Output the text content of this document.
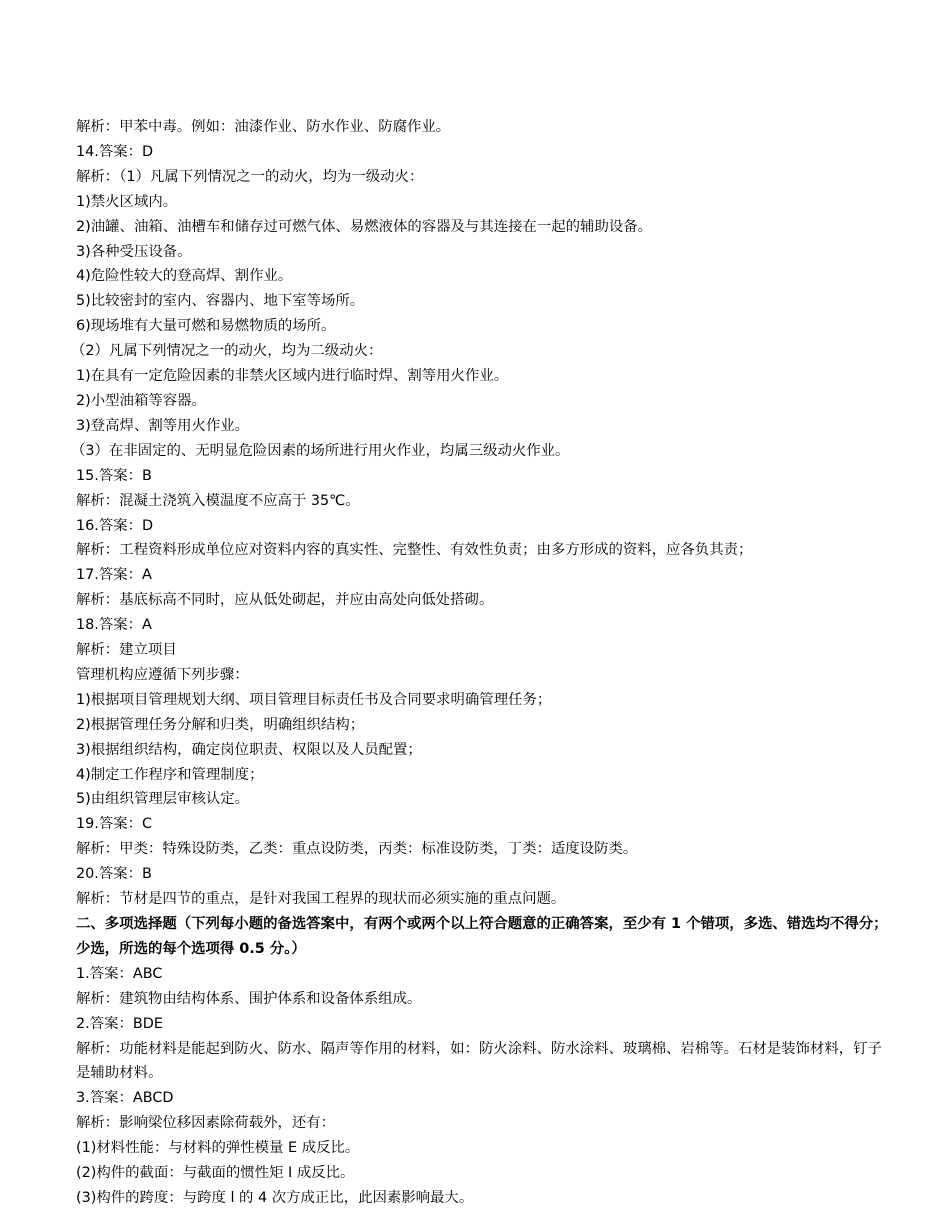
解析：甲苯中毒。例如：油漆作业、防水作业、防腐作业。
14.答案：D
解析：（1）凡属下列情况之一的动火，均为一级动火：
1)禁火区域内。
2)油罐、油箱、油槽车和储存过可燃气体、易燃液体的容器及与其连接在一起的辅助设备。
3)各种受压设备。
4)危险性较大的登高焊、割作业。
5)比较密封的室内、容器内、地下室等场所。
6)现场堆有大量可燃和易燃物质的场所。
（2）凡属下列情况之一的动火，均为二级动火：
1)在具有一定危险因素的非禁火区域内进行临时焊、割等用火作业。
2)小型油箱等容器。
3)登高焊、割等用火作业。
（3）在非固定的、无明显危险因素的场所进行用火作业，均属三级动火作业。
15.答案：B
解析：混凝土浇筑入模温度不应高于 35℃。
16.答案：D
解析：工程资料形成单位应对资料内容的真实性、完整性、有效性负责；由多方形成的资料，应各负其责；
17.答案：A
解析：基底标高不同时，应从低处砌起，并应由高处向低处搭砌。
18.答案：A
解析：建立项目
管理机构应遵循下列步骤：
1)根据项目管理规划大纲、项目管理目标责任书及合同要求明确管理任务；
2)根据管理任务分解和归类，明确组织结构；
3)根据组织结构，确定岗位职责、权限以及人员配置；
4)制定工作程序和管理制度；
5)由组织管理层审核认定。
19.答案：C
解析：甲类：特殊设防类，乙类：重点设防类，丙类：标准设防类，丁类：适度设防类。
20.答案：B
解析：节材是四节的重点，是针对我国工程界的现状而必须实施的重点问题。
二、多项选择题（下列每小题的备选答案中，有两个或两个以上符合题意的正确答案，至少有 1 个错项，多选、错选均不得分；少选，所选的每个选项得 0.5 分。）
1.答案：ABC
解析：建筑物由结构体系、围护体系和设备体系组成。
2.答案：BDE
解析：功能材料是能起到防火、防水、隔声等作用的材料，如：防火涂料、防水涂料、玻璃棉、岩棉等。石材是装饰材料，钉子是辅助材料。
3.答案：ABCD
解析：影响梁位移因素除荷载外，还有：
(1)材料性能：与材料的弹性模量 E 成反比。
(2)构件的截面：与截面的惯性矩 I 成反比。
(3)构件的跨度：与跨度 l 的 4 次方成正比，此因素影响最大。
